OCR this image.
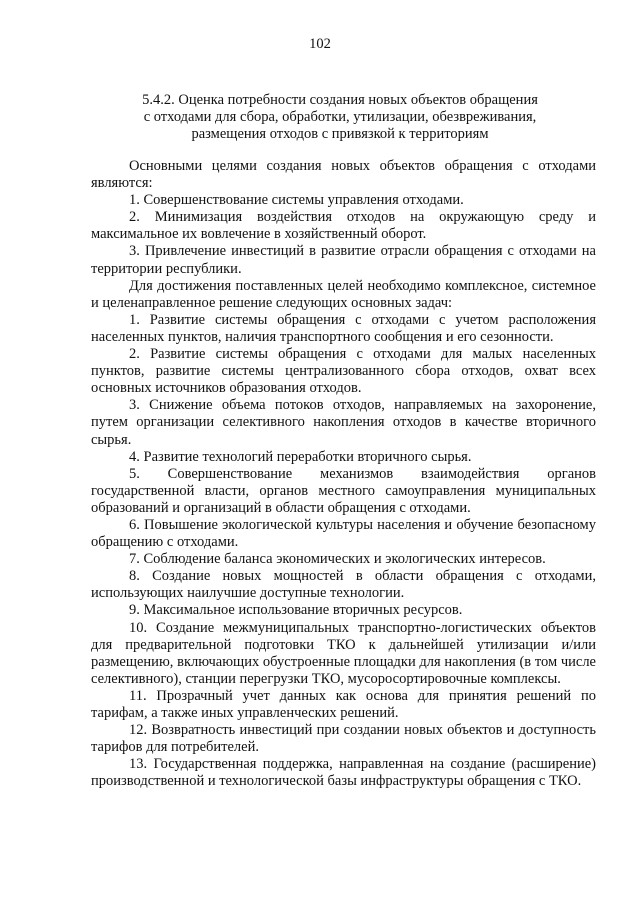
102
5.4.2. Оценка потребности создания новых объектов обращения
с отходами для сбора, обработки, утилизации, обезвреживания,
размещения отходов с привязкой к территориям

Основными целями создания новых объектов обращения с отходами являются:

1. Совершенствование системы управления отходами.

2. Минимизация воздействия отходов на окружающую среду и максимальное их вовлечение в хозяйственный оборот.

3. Привлечение инвестиций в развитие отрасли обращения с отходами на территории республики.

Для достижения поставленных целей необходимо комплексное, системное и целенаправленное решение следующих основных задач:

1. Развитие системы обращения с отходами с учетом расположения населенных пунктов, наличия транспортного сообщения и его сезонности.

2. Развитие системы обращения с отходами для малых населенных пунктов, развитие системы централизованного сбора отходов, охват всех основных источников образования отходов.

3. Снижение объема потоков отходов, направляемых на захоронение, путем организации селективного накопления отходов в качестве вторичного сырья.

4. Развитие технологий переработки вторичного сырья.

5. Совершенствование механизмов взаимодействия органов государственной власти, органов местного самоуправления муниципальных образований и организаций в области обращения с отходами.

6. Повышение экологической культуры населения и обучение безопасному обращению с отходами.

7. Соблюдение баланса экономических и экологических интересов.

8. Создание новых мощностей в области обращения с отходами, использующих наилучшие доступные технологии.

9. Максимальное использование вторичных ресурсов.

10. Создание межмуниципальных транспортно-логистических объектов для предварительной подготовки ТКО к дальнейшей утилизации и/или размещению, включающих обустроенные площадки для накопления (в том числе селективного), станции перегрузки ТКО, мусоросортировочные комплексы.

11. Прозрачный учет данных как основа для принятия решений по тарифам, а также иных управленческих решений.

12. Возвратность инвестиций при создании новых объектов и доступность тарифов для потребителей.

13. Государственная поддержка, направленная на создание (расширение) производственной и технологической базы инфраструктуры обращения с ТКО.
